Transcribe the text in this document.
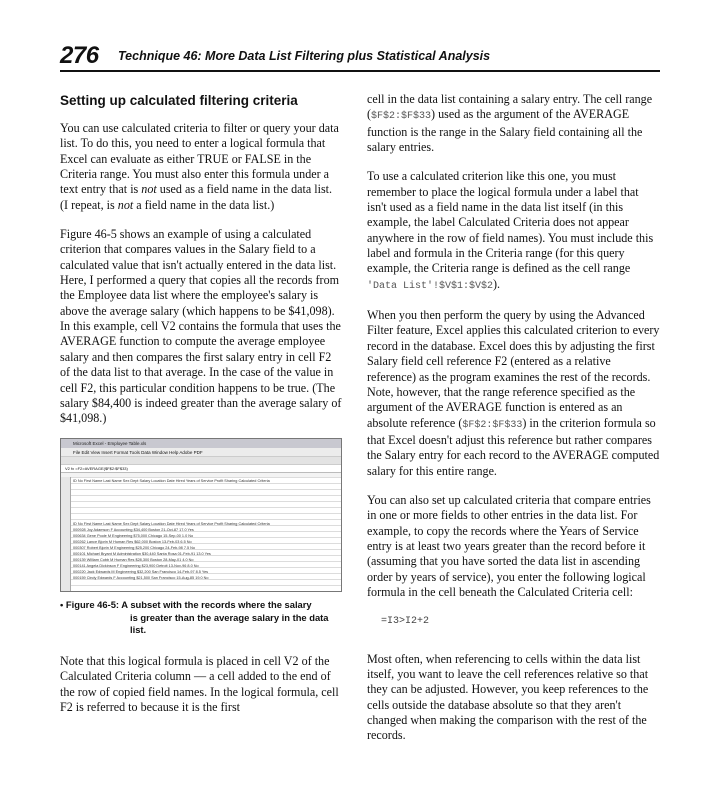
276 Technique 46: More Data List Filtering plus Statistical Analysis
Setting up calculated filtering criteria

You can use calculated criteria to filter or query your data list. To do this, you need to enter a logical formula that Excel can evaluate as either TRUE or FALSE in the Criteria range. You must also enter this formula under a text entry that is not used as a field name in the data list. (I repeat, is not a field name in the data list.)

Figure 46-5 shows an example of using a calculated criterion that compares values in the Salary field to a calculated value that isn't actually entered in the data list. Here, I performed a query that copies all the records from the Employee data list where the employee's salary is above the average salary (which happens to be $41,098). In this example, cell V2 contains the formula that uses the AVERAGE function to compute the average employee salary and then compares the first salary entry in cell F2 of the data list to that average. In the case of the value in cell F2, this particular condition happens to be true. (The salary $84,400 is indeed greater than the average salary of $41,098.)

Microsoft Excel - Employee Table.xls
File Edit View Insert Format Tools Data Window Help Adobe PDF
V2 fx =F2>AVERAGE($F$2:$F$33)
ID No First Name Last Name Sex Dept Salary Location Date Hired Years of Service Profit Sharing Calculated Criteria
ID No First Name Last Name Sex Dept Salary Location Date Hired Years of Service Profit Sharing Calculated Criteria
000928 Joy Adamson F Accounting $34,400 Boston 21-Oct-87 17.0 Yes
000634 Gene Poole M Engineering $75,000 Chicago 15-Sep-00 1.0 No
000262 Lance Bjorin M Human Res $62,000 Boston 13-Feb-03 6.5 No
000307 Robert Bjorin M Engineering $25,200 Chicago 24-Feb-98 7.5 No
000101 Michael Bryant M Administration $30,440 Santa Rosa 01-Feb-91 13.0 Yes
000139 William Cobb M Human Res $28,300 Boston 28-May-01 4.0 No
000141 Angela Dickinson F Engineering $23,900 Detroit 13-Nov-96 8.0 No
000220 Jack Edwards M Engineering $32,200 San Francisco 14-Feb-97 8.5 Yes
000159 Cindy Edwards F Accounting $21,500 San Francisco 15-Aug-85 19.0 No
• Figure 46-5: A subset with the records where the salary
is greater than the average salary in the data list.

Note that this logical formula is placed in cell V2 of the Calculated Criteria column — a cell added to the end of the row of copied field names. In the logical formula, cell F2 is referred to because it is the first

cell in the data list containing a salary entry. The cell range ($F$2:$F$33) used as the argument of the AVERAGE function is the range in the Salary field containing all the salary entries.

To use a calculated criterion like this one, you must remember to place the logical formula under a label that isn't used as a field name in the data list itself (in this example, the label Calculated Criteria does not appear anywhere in the row of field names). You must include this label and formula in the Criteria range (for this query example, the Criteria range is defined as the cell range 'Data List'!$V$1:$V$2).

When you then perform the query by using the Advanced Filter feature, Excel applies this calculated criterion to every record in the database. Excel does this by adjusting the first Salary field cell reference F2 (entered as a relative reference) as the program examines the rest of the records. Note, however, that the range reference specified as the argument of the AVERAGE function is entered as an absolute reference ($F$2:$F$33) in the criterion formula so that Excel doesn't adjust this reference but rather compares the Salary entry for each record to the AVERAGE computed salary for this entire range.

You can also set up calculated criteria that compare entries in one or more fields to other entries in the data list. For example, to copy the records where the Years of Service entry is at least two years greater than the record before it (assuming that you have sorted the data list in ascending order by years of service), you enter the following logical formula in the cell beneath the Calculated Criteria cell:

=I3>I2+2

Most often, when referencing to cells within the data list itself, you want to leave the cell references relative so that they can be adjusted. However, you keep references to the cells outside the database absolute so that they aren't changed when making the comparison with the rest of the records.
